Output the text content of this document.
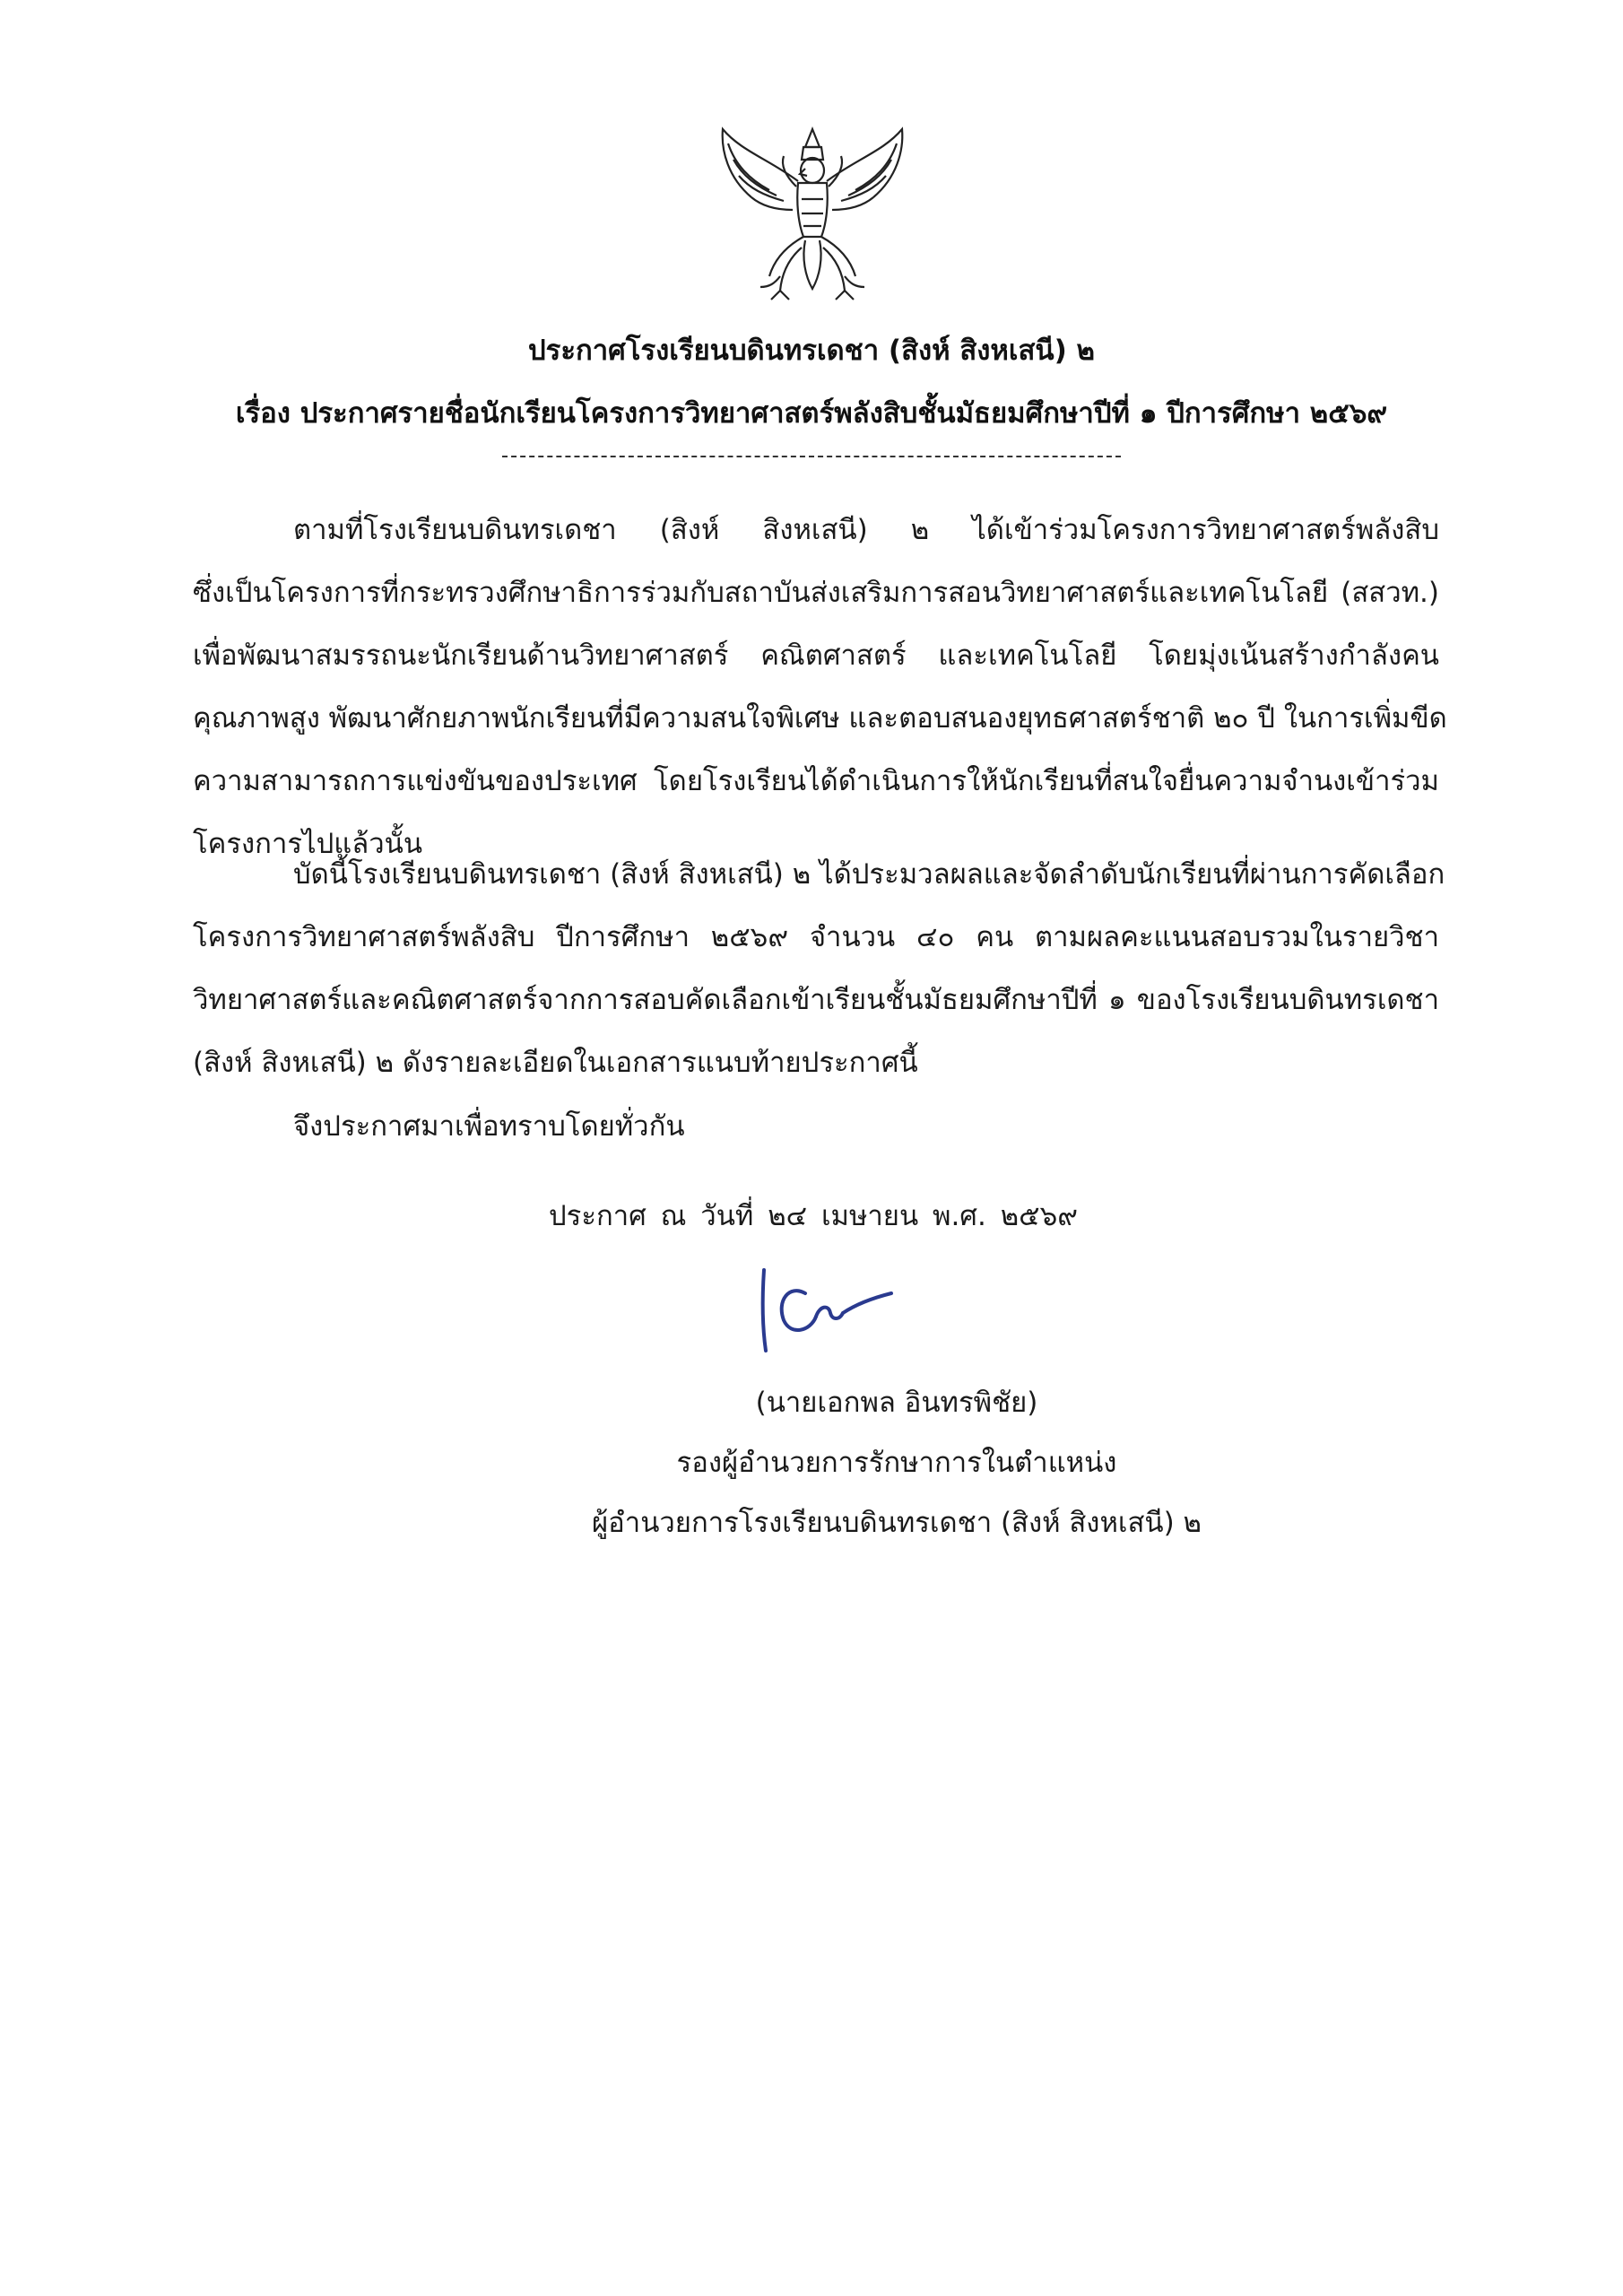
ประกาศโรงเรียนบดินทรเดชา (สิงห์ สิงหเสนี) ๒
เรื่อง ประกาศรายชื่อนักเรียนโครงการวิทยาศาสตร์พลังสิบชั้นมัธยมศึกษาปีที่ ๑ ปีการศึกษา ๒๕๖๙
ตามที่โรงเรียนบดินทรเดชา (สิงห์ สิงหเสนี) ๒ ได้เข้าร่วมโครงการวิทยาศาสตร์พลังสิบ
ซึ่งเป็นโครงการที่กระทรวงศึกษาธิการร่วมกับสถาบันส่งเสริมการสอนวิทยาศาสตร์และเทคโนโลยี (สสวท.)
เพื่อพัฒนาสมรรถนะนักเรียนด้านวิทยาศาสตร์ คณิตศาสตร์ และเทคโนโลยี โดยมุ่งเน้นสร้างกำลังคน
คุณภาพสูง พัฒนาศักยภาพนักเรียนที่มีความสนใจพิเศษ และตอบสนองยุทธศาสตร์ชาติ ๒๐ ปี ในการเพิ่มขีด
ความสามารถการแข่งขันของประเทศ โดยโรงเรียนได้ดำเนินการให้นักเรียนที่สนใจยื่นความจำนงเข้าร่วม
โครงการไปแล้วนั้น
บัดนี้โรงเรียนบดินทรเดชา (สิงห์ สิงหเสนี) ๒ ได้ประมวลผลและจัดลำดับนักเรียนที่ผ่านการคัดเลือก
โครงการวิทยาศาสตร์พลังสิบ ปีการศึกษา ๒๕๖๙ จำนวน ๔๐ คน ตามผลคะแนนสอบรวมในรายวิชา
วิทยาศาสตร์และคณิตศาสตร์จากการสอบคัดเลือกเข้าเรียนชั้นมัธยมศึกษาปีที่ ๑ ของโรงเรียนบดินทรเดชา
(สิงห์ สิงหเสนี) ๒ ดังรายละเอียดในเอกสารแนบท้ายประกาศนี้
จึงประกาศมาเพื่อทราบโดยทั่วกัน
ประกาศ ณ วันที่ ๒๔ เมษายน พ.ศ. ๒๕๖๙
(นายเอกพล อินทรพิชัย)
รองผู้อำนวยการรักษาการในตำแหน่ง
ผู้อำนวยการโรงเรียนบดินทรเดชา (สิงห์ สิงหเสนี) ๒
